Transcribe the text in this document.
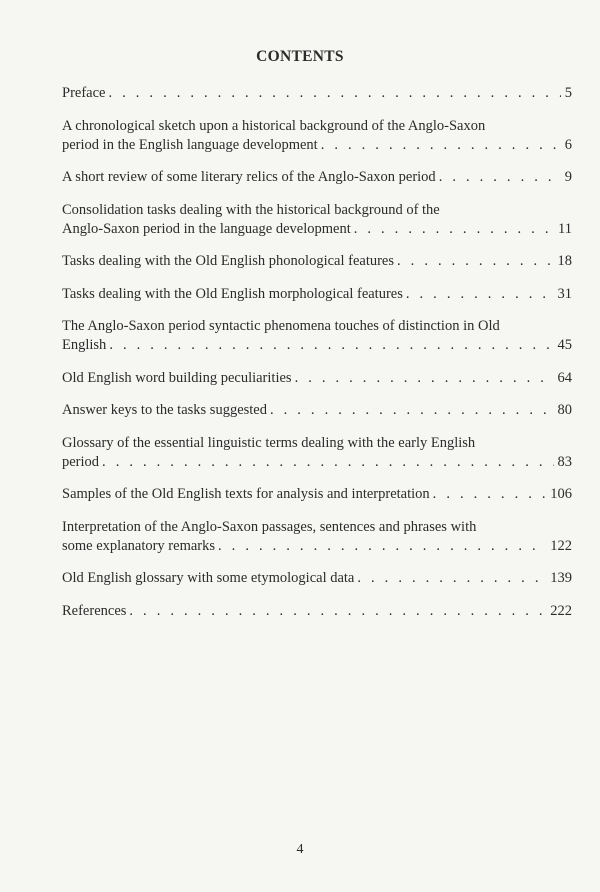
CONTENTS
Preface . . .	5
A chronological sketch upon a historical background of the Anglo-Saxon
period in the English language development . . .	6
A short review of some literary relics of the Anglo-Saxon period . . .	9
Consolidation tasks dealing with the historical background of the
Anglo-Saxon period in the language development . . .	11
Tasks dealing with the Old English phonological features . . .	18
Tasks dealing with the Old English morphological features . . .	31
The Anglo-Saxon period syntactic phenomena touches of distinction in Old
English . . .	45
Old English word building peculiarities . . .	64
Answer keys to the tasks suggested . . .	80
Glossary of the essential linguistic terms dealing with the early English
period . . .	83
Samples of the Old English texts for analysis and interpretation . . .	106
Interpretation of the Anglo-Saxon passages, sentences and phrases with
some explanatory remarks . . .	122
Old English glossary with some etymological data . . .	139
References . . .	222
4
